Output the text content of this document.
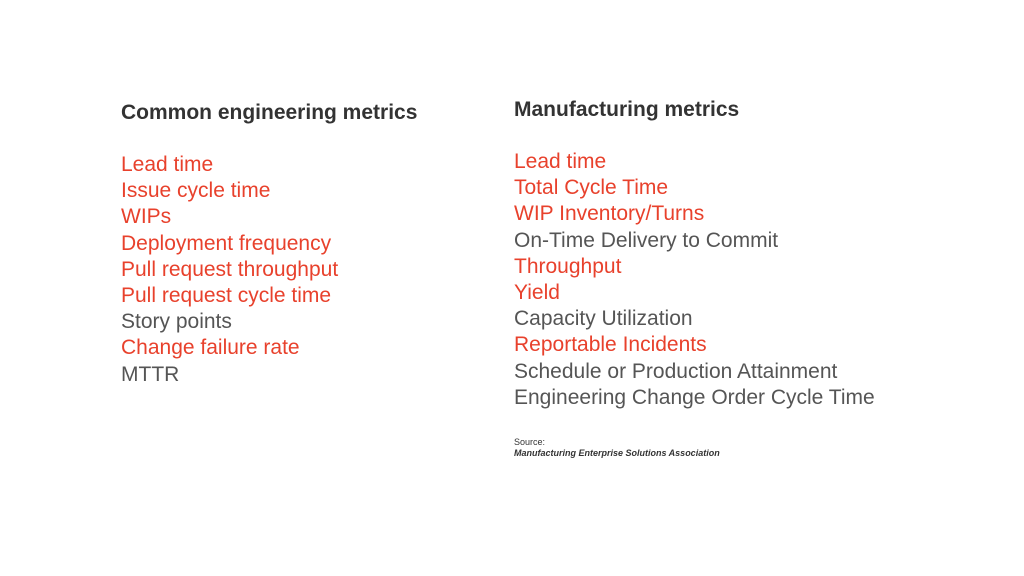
Common engineering metrics
Lead time
Issue cycle time
WIPs
Deployment frequency
Pull request throughput
Pull request cycle time
Story points
Change failure rate
MTTR
Manufacturing metrics
Lead time
Total Cycle Time
WIP Inventory/Turns
On-Time Delivery to Commit
Throughput
Yield
Capacity Utilization
Reportable Incidents
Schedule or Production Attainment
Engineering Change Order Cycle Time
Source:
Manufacturing Enterprise Solutions Association
